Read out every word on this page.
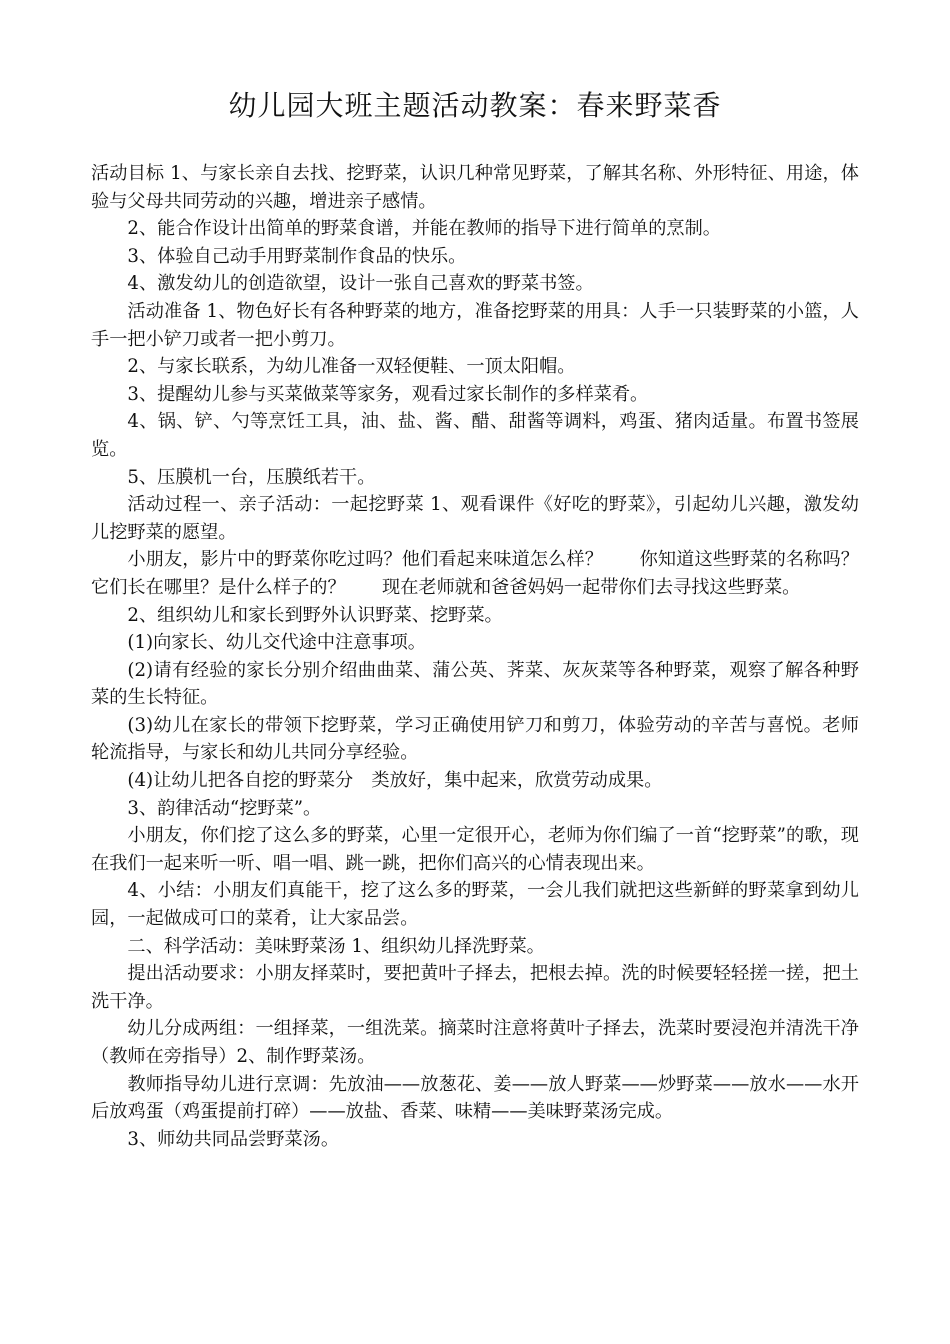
幼儿园大班主题活动教案：春来野菜香

活动目标 1、与家长亲自去找、挖野菜，认识几种常见野菜，了解其名称、外形特征、用途，体验与父母共同劳动的兴趣，增进亲子感情。

2、能合作设计出简单的野菜食谱，并能在教师的指导下进行简单的烹制。

3、体验自己动手用野菜制作食品的快乐。

4、激发幼儿的创造欲望，设计一张自己喜欢的野菜书签。

活动准备 1、物色好长有各种野菜的地方，准备挖野菜的用具：人手一只装野菜的小篮，人手一把小铲刀或者一把小剪刀。

2、与家长联系，为幼儿准备一双轻便鞋、一顶太阳帽。

3、提醒幼儿参与买菜做菜等家务，观看过家长制作的多样菜肴。

4、锅、铲、勺等烹饪工具，油、盐、酱、醋、甜酱等调料，鸡蛋、猪肉适量。布置书签展览。

5、压膜机一台，压膜纸若干。

活动过程一、亲子活动：一起挖野菜 1、观看课件《好吃的野菜》，引起幼儿兴趣，激发幼儿挖野菜的愿望。

小朋友，影片中的野菜你吃过吗？他们看起来味道怎么样？　　你知道这些野菜的名称吗？它们长在哪里？是什么样子的？　　现在老师就和爸爸妈妈一起带你们去寻找这些野菜。

2、组织幼儿和家长到野外认识野菜、挖野菜。

(1)向家长、幼儿交代途中注意事项。

(2)请有经验的家长分别介绍曲曲菜、蒲公英、荠菜、灰灰菜等各种野菜，观察了解各种野菜的生长特征。

(3)幼儿在家长的带领下挖野菜，学习正确使用铲刀和剪刀，体验劳动的辛苦与喜悦。老师轮流指导，与家长和幼儿共同分享经验。

(4)让幼儿把各自挖的野菜分　类放好，集中起来，欣赏劳动成果。

3、韵律活动“挖野菜”。

小朋友，你们挖了这么多的野菜，心里一定很开心，老师为你们编了一首“挖野菜”的歌，现在我们一起来听一听、唱一唱、跳一跳，把你们高兴的心情表现出来。

4、小结：小朋友们真能干，挖了这么多的野菜，一会儿我们就把这些新鲜的野菜拿到幼儿园，一起做成可口的菜肴，让大家品尝。

二、科学活动：美味野菜汤 1、组织幼儿择洗野菜。

提出活动要求：小朋友择菜时，要把黄叶子择去，把根去掉。洗的时候要轻轻搓一搓，把土洗干净。

幼儿分成两组：一组择菜，一组洗菜。摘菜时注意将黄叶子择去，洗菜时要浸泡并清洗干净（教师在旁指导）2、制作野菜汤。

教师指导幼儿进行烹调：先放油——放葱花、姜——放人野菜——炒野菜——放水——水开后放鸡蛋（鸡蛋提前打碎）——放盐、香菜、味精——美味野菜汤完成。

3、师幼共同品尝野菜汤。
